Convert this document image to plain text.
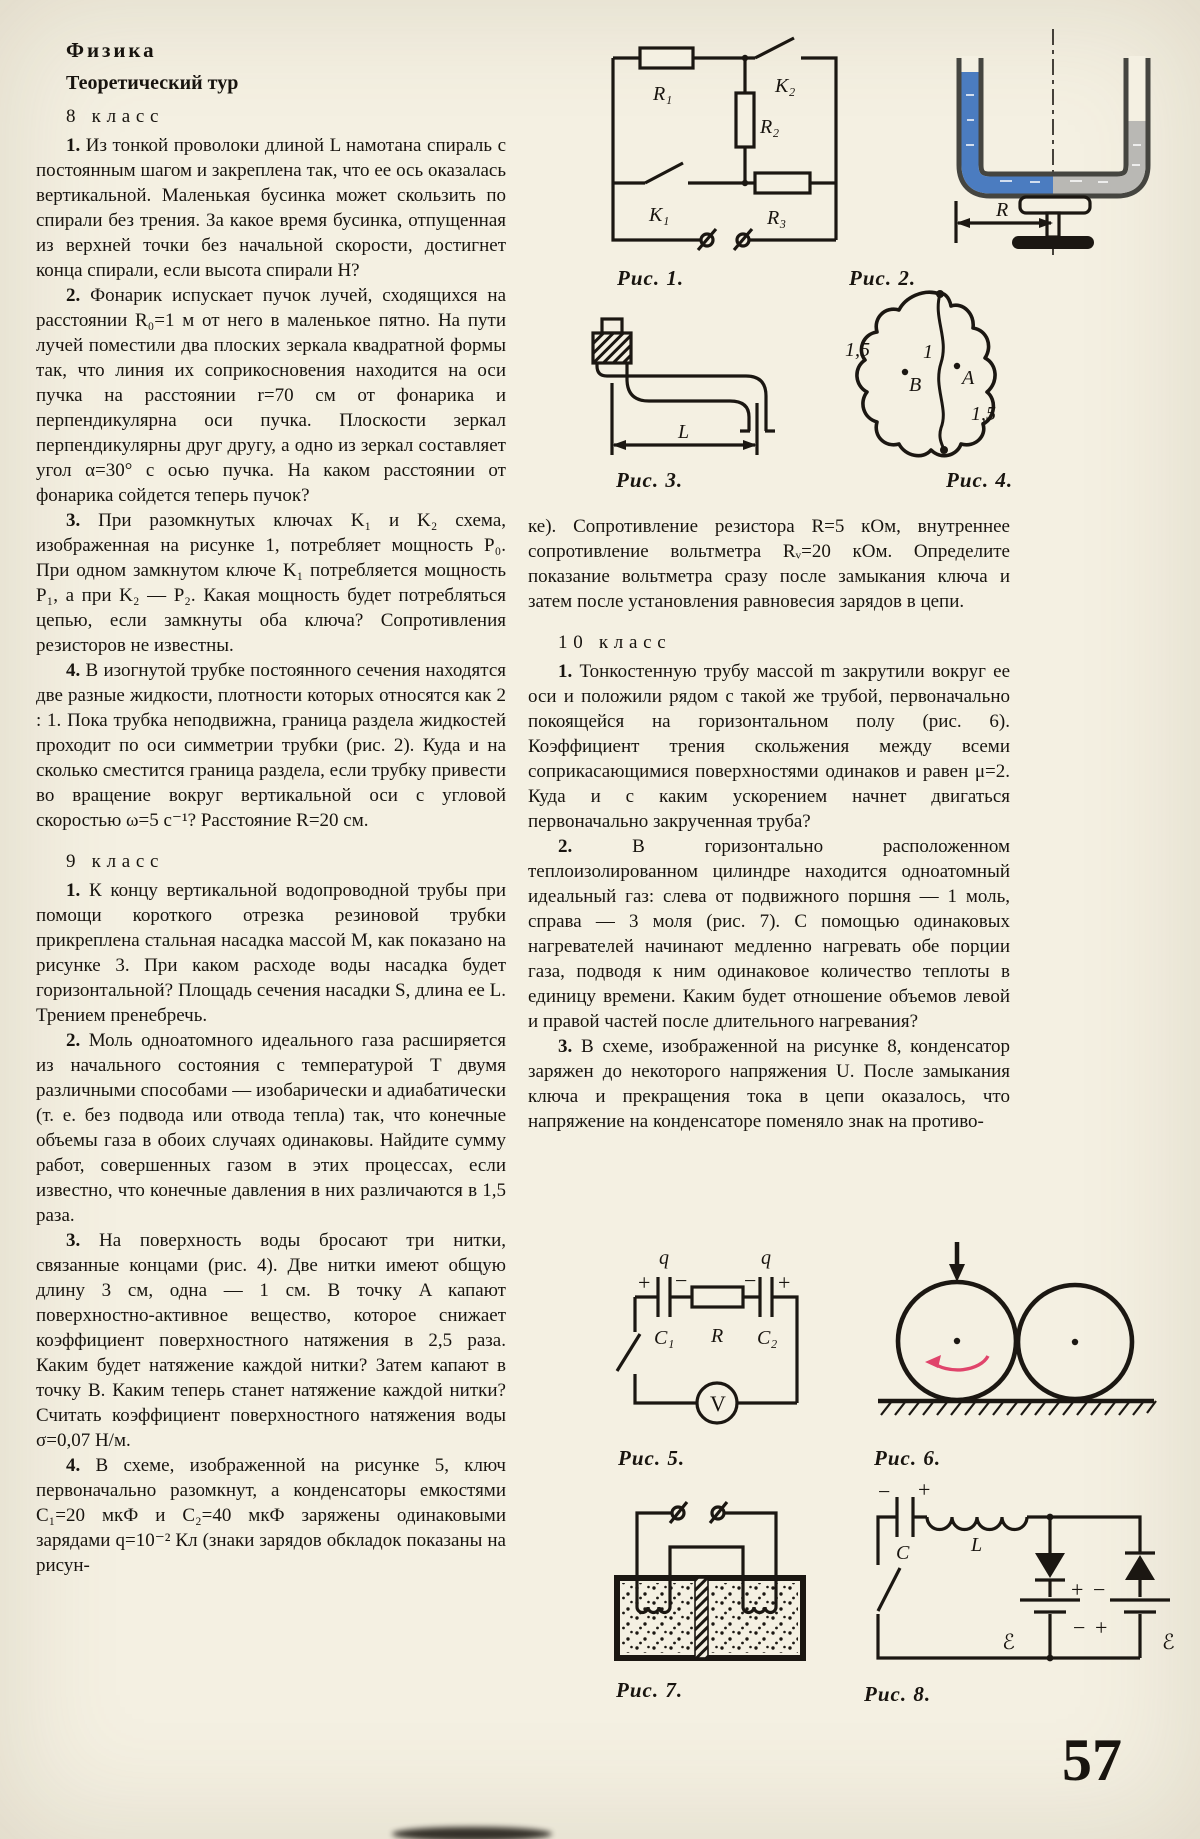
Физика
Теоретический тур
8 класс

1. Из тонкой проволоки длиной L намотана спираль с постоянным шагом и закреплена так, что ее ось оказалась вертикальной. Маленькая бусинка может скользить по спирали без трения. За какое время бусинка, отпущенная из верхней точки без начальной скорости, достигнет конца спирали, если высота спирали H?

2. Фонарик испускает пучок лучей, сходящихся на расстоянии R₀=1 м от него в маленькое пятно. На пути лучей поместили два плоских зеркала квадратной формы так, что линия их соприкосновения находится на оси пучка на расстоянии r=70 см от фонарика и перпендикулярна оси пучка. Плоскости зеркал перпендикулярны друг другу, а одно из зеркал составляет угол α=30° с осью пучка. На каком расстоянии от фонарика сойдется теперь пучок?

3. При разомкнутых ключах K₁ и K₂ схема, изображенная на рисунке 1, потребляет мощность P₀. При одном замкнутом ключе K₁ потребляется мощность P₁, а при K₂ — P₂. Какая мощность будет потребляться цепью, если замкнуты оба ключа? Сопротивления резисторов не известны.

4. В изогнутой трубке постоянного сечения находятся две разные жидкости, плотности которых относятся как 2 : 1. Пока трубка неподвижна, граница раздела жидкостей проходит по оси симметрии трубки (рис. 2). Куда и на сколько сместится граница раздела, если трубку привести во вращение вокруг вертикальной оси с угловой скоростью ω=5 с⁻¹? Расстояние R=20 см.

9 класс

1. К концу вертикальной водопроводной трубы при помощи короткого отрезка резиновой трубки прикреплена стальная насадка массой M, как показано на рисунке 3. При каком расходе воды насадка будет горизонтальной? Площадь сечения насадки S, длина ее L. Трением пренебречь.

2. Моль одноатомного идеального газа расширяется из начального состояния с температурой T двумя различными способами — изобарически и адиабатически (т. е. без подвода или отвода тепла) так, что конечные объемы газа в обоих случаях одинаковы. Найдите сумму работ, совершенных газом в этих процессах, если известно, что конечные давления в них различаются в 1,5 раза.

3. На поверхность воды бросают три нитки, связанные концами (рис. 4). Две нитки имеют общую длину 3 см, одна — 1 см. В точку A капают поверхностно-активное вещество, которое снижает коэффициент поверхностного натяжения в 2,5 раза. Каким будет натяжение каждой нитки? Затем капают в точку B. Каким теперь станет натяжение каждой нитки? Считать коэффициент поверхностного натяжения воды σ=0,07 Н/м.

4. В схеме, изображенной на рисунке 5, ключ первоначально разомкнут, а конденсаторы емкостями C₁=20 мкФ и C₂=40 мкФ заряжены одинаковыми зарядами q=10⁻² Кл (знаки зарядов обкладок показаны на рисун-

ке). Сопротивление резистора R=5 кОм, внутреннее сопротивление вольтметра Rᵥ=20 кОм. Определите показание вольтметра сразу после замыкания ключа и затем после установления равновесия зарядов в цепи.

10 класс

1. Тонкостенную трубу массой m закрутили вокруг ее оси и положили рядом с такой же трубой, первоначально покоящейся на горизонтальном полу (рис. 6). Коэффициент трения скольжения между всеми соприкасающимися поверхностями одинаков и равен μ=2. Куда и с каким ускорением начнет двигаться первоначально закрученная труба?

2.	В горизонтально расположенном теплоизолированном цилиндре находится одноатомный идеальный газ: слева от подвижного поршня — 1 моль, справа — 3 моля (рис. 7). С помощью одинаковых нагревателей начинают медленно нагревать обе порции газа, подводя к ним одинаковое количество теплоты в единицу времени. Каким будет отношение объемов левой и правой частей после длительного нагревания?

3. В схеме, изображенной на рисунке 8, конденсатор заряжен до некоторого напряжения U. После замыкания ключа и прекращения тока в цепи оказалось, что напряжение на конденсаторе поменяло знак на противо-

R₁	K₂
R₂
K₁	R₃
Рис. 1.
R
Рис. 2.
L
Рис. 3.
B A
1,5	1
1,5
Рис. 4.
V
q	q
+ −	− +
C₁ R C₂
Рис. 5.	Рис. 6.
Рис. 7.
− +
C	L
+
−
−
+
ℰ	ℰ
Рис. 8.
57
